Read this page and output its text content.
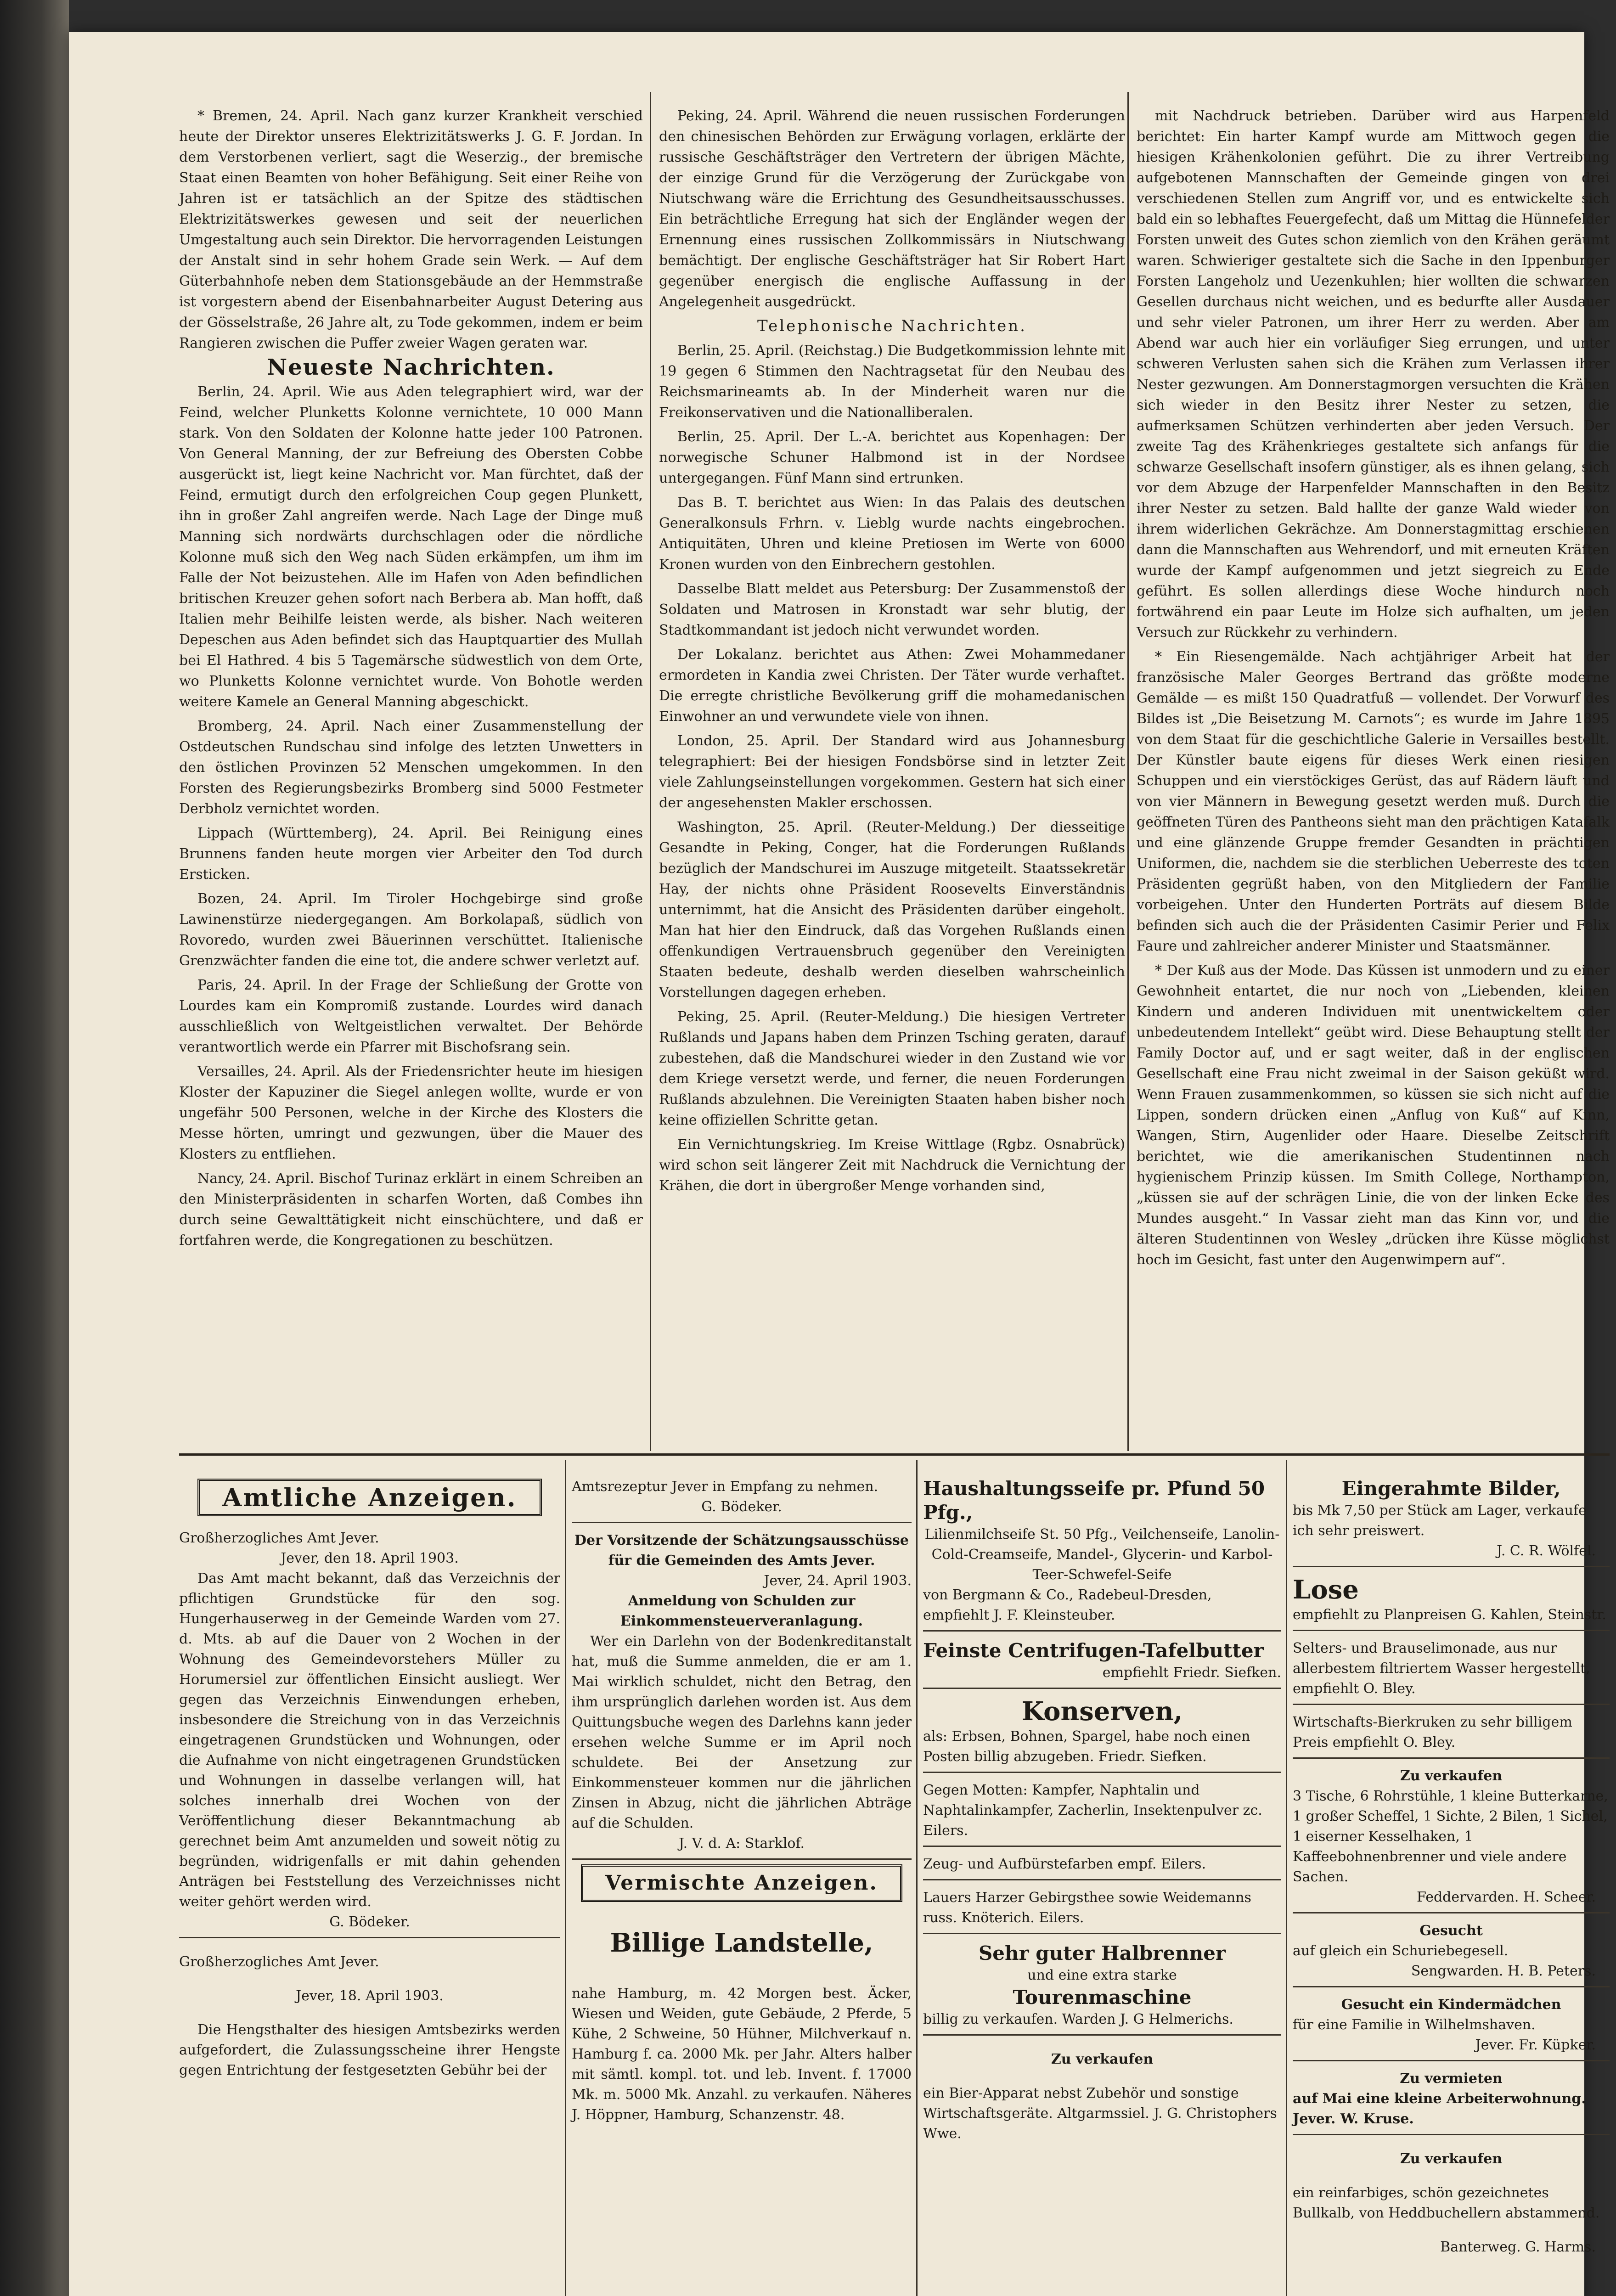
* Bremen, 24. April. Nach ganz kurzer Krankheit verschied heute der Direktor unseres Elektrizitätswerks J. G. F. Jordan. In dem Verstorbenen verliert, sagt die Weserzig., der bremische Staat einen Beamten von hoher Befähigung. Seit einer Reihe von Jahren ist er tatsächlich an der Spitze des städtischen Elektrizitätswerkes gewesen und seit der neuerlichen Umgestaltung auch sein Direktor. Die hervorragenden Leistungen der Anstalt sind in sehr hohem Grade sein Werk. — Auf dem Güterbahnhofe neben dem Stationsgebäude an der Hemmstraße ist vorgestern abend der Eisenbahnarbeiter August Detering aus der Gösselstraße, 26 Jahre alt, zu Tode gekommen, indem er beim Rangieren zwischen die Puffer zweier Wagen geraten war.

Neueste Nachrichten.

Berlin, 24. April. Wie aus Aden telegraphiert wird, war der Feind, welcher Plunketts Kolonne vernichtete, 10 000 Mann stark. Von den Soldaten der Kolonne hatte jeder 100 Patronen. Von General Manning, der zur Befreiung des Obersten Cobbe ausgerückt ist, liegt keine Nachricht vor. Man fürchtet, daß der Feind, ermutigt durch den erfolgreichen Coup gegen Plunkett, ihn in großer Zahl angreifen werde. Nach Lage der Dinge muß Manning sich nordwärts durchschlagen oder die nördliche Kolonne muß sich den Weg nach Süden erkämpfen, um ihm im Falle der Not beizustehen. Alle im Hafen von Aden befindlichen britischen Kreuzer gehen sofort nach Berbera ab. Man hofft, daß Italien mehr Beihilfe leisten werde, als bisher. Nach weiteren Depeschen aus Aden befindet sich das Hauptquartier des Mullah bei El Hathred. 4 bis 5 Tagemärsche südwestlich von dem Orte, wo Plunketts Kolonne vernichtet wurde. Von Bohotle werden weitere Kamele an General Manning abgeschickt.

Bromberg, 24. April. Nach einer Zusammenstellung der Ostdeutschen Rundschau sind infolge des letzten Unwetters in den östlichen Provinzen 52 Menschen umgekommen. In den Forsten des Regierungsbezirks Bromberg sind 5000 Festmeter Derbholz vernichtet worden.

Lippach (Württemberg), 24. April. Bei Reinigung eines Brunnens fanden heute morgen vier Arbeiter den Tod durch Ersticken.

Bozen, 24. April. Im Tiroler Hochgebirge sind große Lawinenstürze niedergegangen. Am Borkolapaß, südlich von Rovoredo, wurden zwei Bäuerinnen verschüttet. Italienische Grenzwächter fanden die eine tot, die andere schwer verletzt auf.

Paris, 24. April. In der Frage der Schließung der Grotte von Lourdes kam ein Kompromiß zustande. Lourdes wird danach ausschließlich von Weltgeistlichen verwaltet. Der Behörde verantwortlich werde ein Pfarrer mit Bischofsrang sein.

Versailles, 24. April. Als der Friedensrichter heute im hiesigen Kloster der Kapuziner die Siegel anlegen wollte, wurde er von ungefähr 500 Personen, welche in der Kirche des Klosters die Messe hörten, umringt und gezwungen, über die Mauer des Klosters zu entfliehen.

Nancy, 24. April. Bischof Turinaz erklärt in einem Schreiben an den Ministerpräsidenten in scharfen Worten, daß Combes ihn durch seine Gewalttätigkeit nicht einschüchtere, und daß er fortfahren werde, die Kongregationen zu beschützen.

Peking, 24. April. Während die neuen russischen Forderungen den chinesischen Behörden zur Erwägung vorlagen, erklärte der russische Geschäftsträger den Vertretern der übrigen Mächte, der einzige Grund für die Verzögerung der Zurückgabe von Niutschwang wäre die Errichtung des Gesundheitsausschusses. Ein beträchtliche Erregung hat sich der Engländer wegen der Ernennung eines russischen Zollkommissärs in Niutschwang bemächtigt. Der englische Geschäftsträger hat Sir Robert Hart gegenüber energisch die englische Auffassung in der Angelegenheit ausgedrückt.

Telephonische Nachrichten.

Berlin, 25. April. (Reichstag.) Die Budgetkommission lehnte mit 19 gegen 6 Stimmen den Nachtragsetat für den Neubau des Reichsmarineamts ab. In der Minderheit waren nur die Freikonservativen und die Nationalliberalen.

Berlin, 25. April. Der L.-A. berichtet aus Kopenhagen: Der norwegische Schuner Halbmond ist in der Nordsee untergegangen. Fünf Mann sind ertrunken.

Das B. T. berichtet aus Wien: In das Palais des deutschen Generalkonsuls Frhrn. v. Lieblg wurde nachts eingebrochen. Antiquitäten, Uhren und kleine Pretiosen im Werte von 6000 Kronen wurden von den Einbrechern gestohlen.

Dasselbe Blatt meldet aus Petersburg: Der Zusammenstoß der Soldaten und Matrosen in Kronstadt war sehr blutig, der Stadtkommandant ist jedoch nicht verwundet worden.

Der Lokalanz. berichtet aus Athen: Zwei Mohammedaner ermordeten in Kandia zwei Christen. Der Täter wurde verhaftet. Die erregte christliche Bevölkerung griff die mohamedanischen Einwohner an und verwundete viele von ihnen.

London, 25. April. Der Standard wird aus Johannesburg telegraphiert: Bei der hiesigen Fondsbörse sind in letzter Zeit viele Zahlungseinstellungen vorgekommen. Gestern hat sich einer der angesehensten Makler erschossen.

Washington, 25. April. (Reuter-Meldung.) Der diesseitige Gesandte in Peking, Conger, hat die Forderungen Rußlands bezüglich der Mandschurei im Auszuge mitgeteilt. Staatssekretär Hay, der nichts ohne Präsident Roosevelts Einverständnis unternimmt, hat die Ansicht des Präsidenten darüber eingeholt. Man hat hier den Eindruck, daß das Vorgehen Rußlands einen offenkundigen Vertrauensbruch gegenüber den Vereinigten Staaten bedeute, deshalb werden dieselben wahrscheinlich Vorstellungen dagegen erheben.

Peking, 25. April. (Reuter-Meldung.) Die hiesigen Vertreter Rußlands und Japans haben dem Prinzen Tsching geraten, darauf zubestehen, daß die Mandschurei wieder in den Zustand wie vor dem Kriege versetzt werde, und ferner, die neuen Forderungen Rußlands abzulehnen. Die Vereinigten Staaten haben bisher noch keine offiziellen Schritte getan.

Ein Vernichtungskrieg. Im Kreise Wittlage (Rgbz. Osnabrück) wird schon seit längerer Zeit mit Nachdruck die Vernichtung der Krähen, die dort in übergroßer Menge vorhanden sind,

mit Nachdruck betrieben. Darüber wird aus Harpenfeld berichtet: Ein harter Kampf wurde am Mittwoch gegen die hiesigen Krähenkolonien geführt. Die zu ihrer Vertreibung aufgebotenen Mannschaften der Gemeinde gingen von drei verschiedenen Stellen zum Angriff vor, und es entwickelte sich bald ein so lebhaftes Feuergefecht, daß um Mittag die Hünnefelder Forsten unweit des Gutes schon ziemlich von den Krähen geräumt waren. Schwieriger gestaltete sich die Sache in den Ippenburger Forsten Langeholz und Uezenkuhlen; hier wollten die schwarzen Gesellen durchaus nicht weichen, und es bedurfte aller Ausdauer und sehr vieler Patronen, um ihrer Herr zu werden. Aber am Abend war auch hier ein vorläufiger Sieg errungen, und unter schweren Verlusten sahen sich die Krähen zum Verlassen ihrer Nester gezwungen. Am Donnerstagmorgen versuchten die Krähen sich wieder in den Besitz ihrer Nester zu setzen, die aufmerksamen Schützen verhinderten aber jeden Versuch. Der zweite Tag des Krähenkrieges gestaltete sich anfangs für die schwarze Gesellschaft insofern günstiger, als es ihnen gelang, sich vor dem Abzuge der Harpenfelder Mannschaften in den Besitz ihrer Nester zu setzen. Bald hallte der ganze Wald wieder von ihrem widerlichen Gekrächze. Am Donnerstagmittag erschienen dann die Mannschaften aus Wehrendorf, und mit erneuten Kräften wurde der Kampf aufgenommen und jetzt siegreich zu Ende geführt. Es sollen allerdings diese Woche hindurch noch fortwährend ein paar Leute im Holze sich aufhalten, um jeden Versuch zur Rückkehr zu verhindern.

* Ein Riesengemälde. Nach achtjähriger Arbeit hat der französische Maler Georges Bertrand das größte moderne Gemälde — es mißt 150 Quadratfuß — vollendet. Der Vorwurf des Bildes ist „Die Beisetzung M. Carnots“; es wurde im Jahre 1895 von dem Staat für die geschichtliche Galerie in Versailles bestellt. Der Künstler baute eigens für dieses Werk einen riesigen Schuppen und ein vierstöckiges Gerüst, das auf Rädern läuft und von vier Männern in Bewegung gesetzt werden muß. Durch die geöffneten Türen des Pantheons sieht man den prächtigen Katafalk und eine glänzende Gruppe fremder Gesandten in prächtigen Uniformen, die, nachdem sie die sterblichen Ueberreste des toten Präsidenten gegrüßt haben, von den Mitgliedern der Familie vorbeigehen. Unter den Hunderten Porträts auf diesem Bilde befinden sich auch die der Präsidenten Casimir Perier und Felix Faure und zahlreicher anderer Minister und Staatsmänner.

* Der Kuß aus der Mode. Das Küssen ist unmodern und zu einer Gewohnheit entartet, die nur noch von „Liebenden, kleinen Kindern und anderen Individuen mit unentwickeltem oder unbedeutendem Intellekt“ geübt wird. Diese Behauptung stellt der Family Doctor auf, und er sagt weiter, daß in der englischen Gesellschaft eine Frau nicht zweimal in der Saison geküßt wird. Wenn Frauen zusammenkommen, so küssen sie sich nicht auf die Lippen, sondern drücken einen „Anflug von Kuß“ auf Kinn, Wangen, Stirn, Augenlider oder Haare. Dieselbe Zeitschrift berichtet, wie die amerikanischen Studentinnen nach hygienischem Prinzip küssen. Im Smith College, Northampton, „küssen sie auf der schrägen Linie, die von der linken Ecke des Mundes ausgeht.“ In Vassar zieht man das Kinn vor, und die älteren Studentinnen von Wesley „drücken ihre Küsse möglichst hoch im Gesicht, fast unter den Augenwimpern auf“.

Amtliche Anzeigen.

Großherzogliches Amt Jever.

Jever, den 18. April 1903.

Das Amt macht bekannt, daß das Verzeichnis der pflichtigen Grundstücke für den sog. Hungerhauserweg in der Gemeinde Warden vom 27. d. Mts. ab auf die Dauer von 2 Wochen in der Wohnung des Gemeindevorstehers Müller zu Horumersiel zur öffentlichen Einsicht ausliegt. Wer gegen das Verzeichnis Einwendungen erheben, insbesondere die Streichung von in das Verzeichnis eingetragenen Grundstücken und Wohnungen, oder die Aufnahme von nicht eingetragenen Grundstücken und Wohnungen in dasselbe verlangen will, hat solches innerhalb drei Wochen von der Veröffentlichung dieser Bekanntmachung ab gerechnet beim Amt anzumelden und soweit nötig zu begründen, widrigenfalls er mit dahin gehenden Anträgen bei Feststellung des Verzeichnisses nicht weiter gehört werden wird.

G. Bödeker.

Großherzogliches Amt Jever.

Jever, 18. April 1903.

Die Hengsthalter des hiesigen Amtsbezirks werden aufgefordert, die Zulassungsscheine ihrer Hengste gegen Entrichtung der festgesetzten Gebühr bei der

Amtsrezeptur Jever in Empfang zu nehmen.

G. Bödeker.

Der Vorsitzende der Schätzungsausschüsse für die Gemeinden des Amts Jever.

Jever, 24. April 1903.

Anmeldung von Schulden zur Einkommensteuerveranlagung.

Wer ein Darlehn von der Bodenkreditanstalt hat, muß die Summe anmelden, die er am 1. Mai wirklich schuldet, nicht den Betrag, den ihm ursprünglich darlehen worden ist. Aus dem Quittungsbuche wegen des Darlehns kann jeder ersehen welche Summe er im April noch schuldete. Bei der Ansetzung zur Einkommensteuer kommen nur die jährlichen Zinsen in Abzug, nicht die jährlichen Abträge auf die Schulden.

J. V. d. A: Starklof.

Vermischte Anzeigen.

Billige Landstelle,

nahe Hamburg, m. 42 Morgen best. Äcker, Wiesen und Weiden, gute Gebäude, 2 Pferde, 5 Kühe, 2 Schweine, 50 Hühner, Milchverkauf n. Hamburg f. ca. 2000 Mk. per Jahr. Alters halber mit sämtl. kompl. tot. und leb. Invent. f. 17000 Mk. m. 5000 Mk. Anzahl. zu verkaufen. Näheres J. Höppner, Hamburg, Schanzenstr. 48.

Haushaltungsseife pr. Pfund 50 Pfg.,

Lilienmilchseife St. 50 Pfg., Veilchenseife, Lanolin-Cold-Creamseife, Mandel-, Glycerin- und Karbol-Teer-Schwefel-Seife

von Bergmann & Co., Radebeul-Dresden, empfiehlt J. F. Kleinsteuber.

Feinste Centrifugen-Tafelbutter

empfiehlt Friedr. Siefken.

Konserven,

als: Erbsen, Bohnen, Spargel, habe noch einen Posten billig abzugeben. Friedr. Siefken.

Gegen Motten: Kampfer, Naphtalin und Naphtalinkampfer, Zacherlin, Insektenpulver zc. Eilers.

Zeug- und Aufbürstefarben empf. Eilers.

Lauers Harzer Gebirgsthee sowie Weidemanns russ. Knöterich. Eilers.

Sehr guter Halbrenner

und eine extra starke

Tourenmaschine

billig zu verkaufen. Warden J. G Helmerichs.

Zu verkaufen

ein Bier-Apparat nebst Zubehör und sonstige Wirtschaftsgeräte. Altgarmssiel. J. G. Christophers Wwe.

Eingerahmte Bilder,

bis Mk 7,50 per Stück am Lager, verkaufe ich sehr preiswert.

J. C. R. Wölfel.

Lose

empfiehlt zu Planpreisen G. Kahlen, Steinstr.

Selters- und Brauselimonade, aus nur allerbestem filtriertem Wasser hergestellt, empfiehlt O. Bley.

Wirtschafts-Bierkruken zu sehr billigem Preis empfiehlt O. Bley.

Zu verkaufen

3 Tische, 6 Rohrstühle, 1 kleine Butterkarne, 1 großer Scheffel, 1 Sichte, 2 Bilen, 1 Sichel, 1 eiserner Kesselhaken, 1 Kaffeebohnenbrenner und viele andere Sachen.

Feddervarden. H. Scheer.

Gesucht

auf gleich ein Schuriebegesell.

Sengwarden. H. B. Peters.

Gesucht ein Kindermädchen

für eine Familie in Wilhelmshaven.

Jever. Fr. Küpker.

Zu vermieten

auf Mai eine kleine Arbeiterwohnung. Jever. W. Kruse.

Zu verkaufen

ein reinfarbiges, schön gezeichnetes Bullkalb, von Heddbuchellern abstammend.

Banterweg. G. Harms.
